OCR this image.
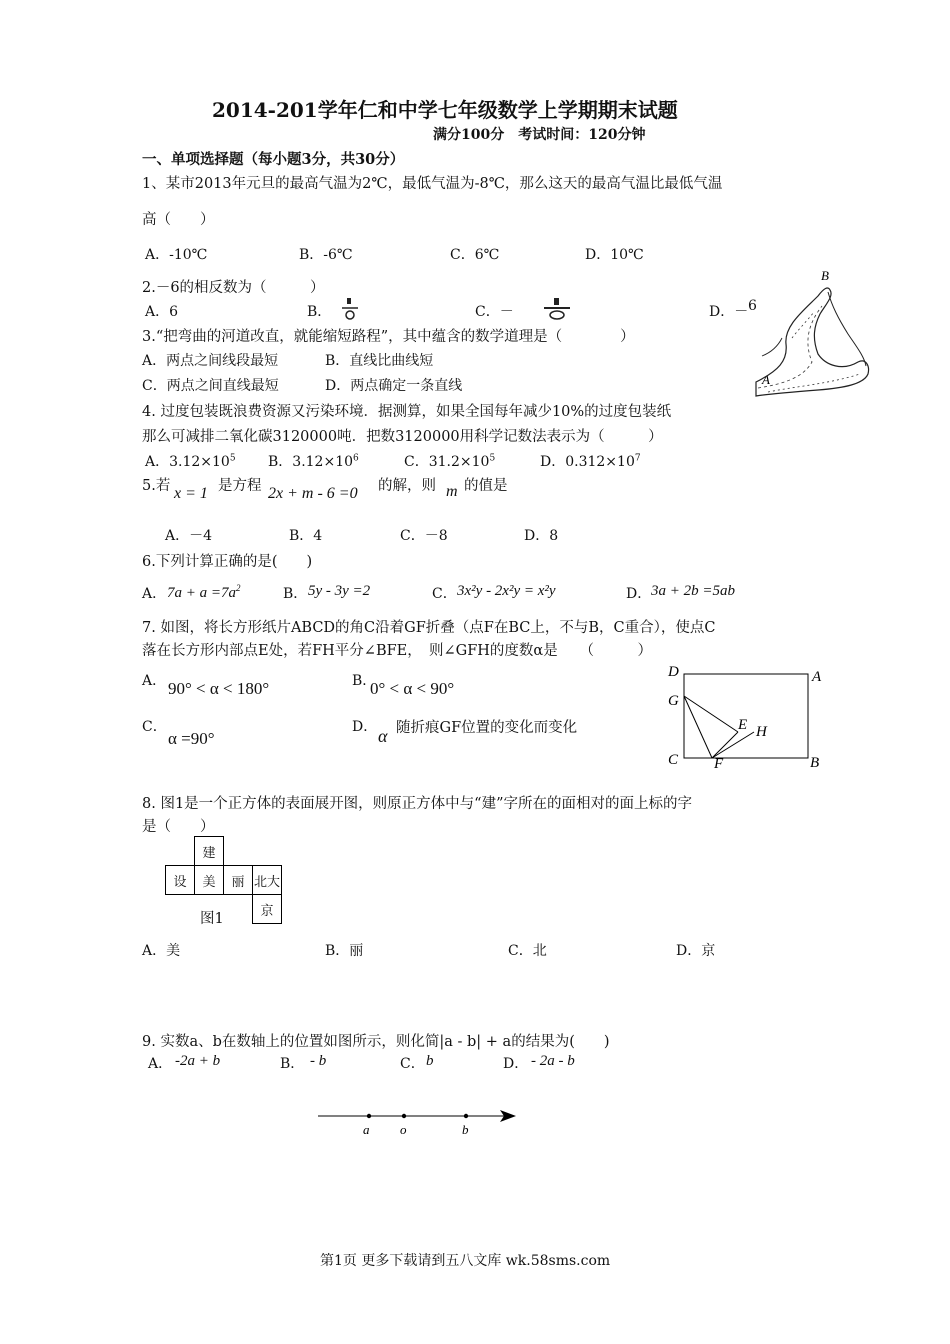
2014-201学年仁和中学七年级数学上学期期末试题
满分100分　考试时间：120分钟
一、单项选择题（每小题3分，共30分）
1、某市2013年元旦的最高气温为2℃，最低气温为-8℃，那么这天的最高气温比最低气温
高（　　）
A．-10℃	B．-6℃	C．6℃	D．10℃
2.－6的相反数为（　　　）
A．6	B．	C．－	D．－ 6
B
A
3.“把弯曲的河道改直，就能缩短路程”，其中蕴含的数学道理是（　　　　）
A．两点之间线段最短	B．直线比曲线短
C．两点之间直线最短	D．两点确定一条直线
4. 过度包装既浪费资源又污染环境．据测算，如果全国每年减少10%的过度包装纸
那么可减排二氧化碳3120000吨．把数3120000用科学记数法表示为（　　　）
A．$3.12\times 10^5$ B．$3.12\times 10^6$	C．$31.2\times 10^5$	D．$0.312\times 10^7$
5.若 x = 1 是方程 2x + m - 6 =0 的解，则 m 的值是
A．－4	B．4	C．－8	D．8
6.下列计算正确的是(　　)
A． $7a + a =7a^2$	B． 5y - 3y =2	C． 3x²y - 2x²y = x²y	D． 3a + 2b =5ab
7. 如图，将长方形纸片ABCD的角C沿着GF折叠（点F在BC上，不与B，C重合），使点C
落在长方形内部点E处，若FH平分∠BFE，　则∠GFH的度数α是　　（　　　）
A． 90° < α < 180°	B．
0° < α < 90°
C．
α =90°
D． α 随折痕GF位置的变化而变化
D	A
G
E H
C F	B
8. 图1是一个正方体的表面展开图，则原正方体中与“建”字所在的面相对的面上标的字
是（　　）
	建		
设	美	丽	北大
			京
图1
A．美	B．丽	C．北	D．京
9. 实数a、b在数轴上的位置如图所示，则化简|a - b| + a的结果为(　　)
A． -2a + b	B． - b	C． b	D． - 2a - b
a o	b
第1页 更多下载请到五八文库 wk.58sms.com
